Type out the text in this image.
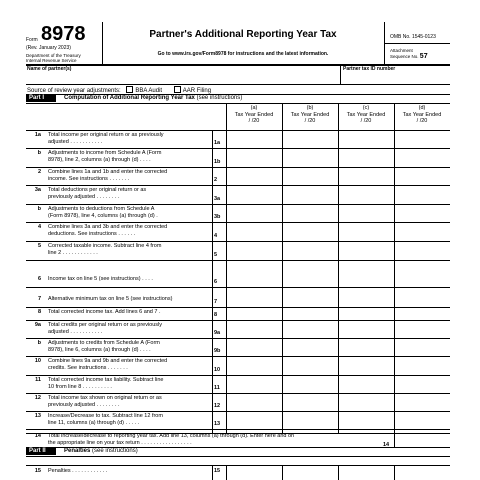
Form 8978
(Rev. January 2023)
Department of the Treasury
Internal Revenue Service
Partner's Additional Reporting Year Tax
Go to www.irs.gov/Form8978 for instructions and the latest information.
OMB No. 1545-0123
Attachment
Sequence No. 57
Name of partner(s)	Partner tax ID number
Source of review year adjustments: BBA Audit	AAR Filing
Part I	Computation of Additional Reporting Year Tax (see instructions)
(a)
Tax Year Ended
/ /20
(b)
Tax Year Ended
/ /20
(c)
Tax Year Ended
/ /20
(d)
Tax Year Ended
/ /20
1a Total income per original return or as previously
adjusted . . . . . . . . . . .	1a
b Adjustments to income from Schedule A (Form
8978), line 2, columns (a) through (d) . . . .	1b
2 Combine lines 1a and 1b and enter the corrected
income. See instructions . . . . . . .	2
3a Total deductions per original return or as
previously adjusted . . . . . . . .	3a
b Adjustments to deductions from Schedule A
(Form 8978), line 4, columns (a) through (d) .	3b
4 Combine lines 3a and 3b and enter the corrected
deductions. See instructions . . . . . .	4
5 Corrected taxable income. Subtract line 4 from
line 2 . . . . . . . . . . . .	5
6 Income tax on line 5 (see instructions) . . . .	6
7 Alternative minimum tax on line 5 (see instructions)	7
8 Total corrected income tax. Add lines 6 and 7 .	8
9a Total credits per original return or as previously
adjusted . . . . . . . . . . .	9a
b Adjustments to credits from Schedule A (Form
8978), line 6, columns (a) through (d) . . . .	9b
10 Combine lines 9a and 9b and enter the corrected
credits. See instructions . . . . . . .	10
11 Total corrected income tax liability. Subtract line
10 from line 8 . . . . . . . . . .	11
12 Total income tax shown on original return or as
previously adjusted . . . . . . . .	12
13 Increase/Decrease to tax. Subtract line 12 from
line 11, columns (a) through (d) . . . . .	13
14 Total increase/decrease to reporting year tax. Add line 13, columns (a) through (d). Enter here and on
the appropriate line on your tax return . . . . . . . . . . . . . . . . .	14
Part II	Penalties (see instructions)
15 Penalties . . . . . . . . . . . .	15
